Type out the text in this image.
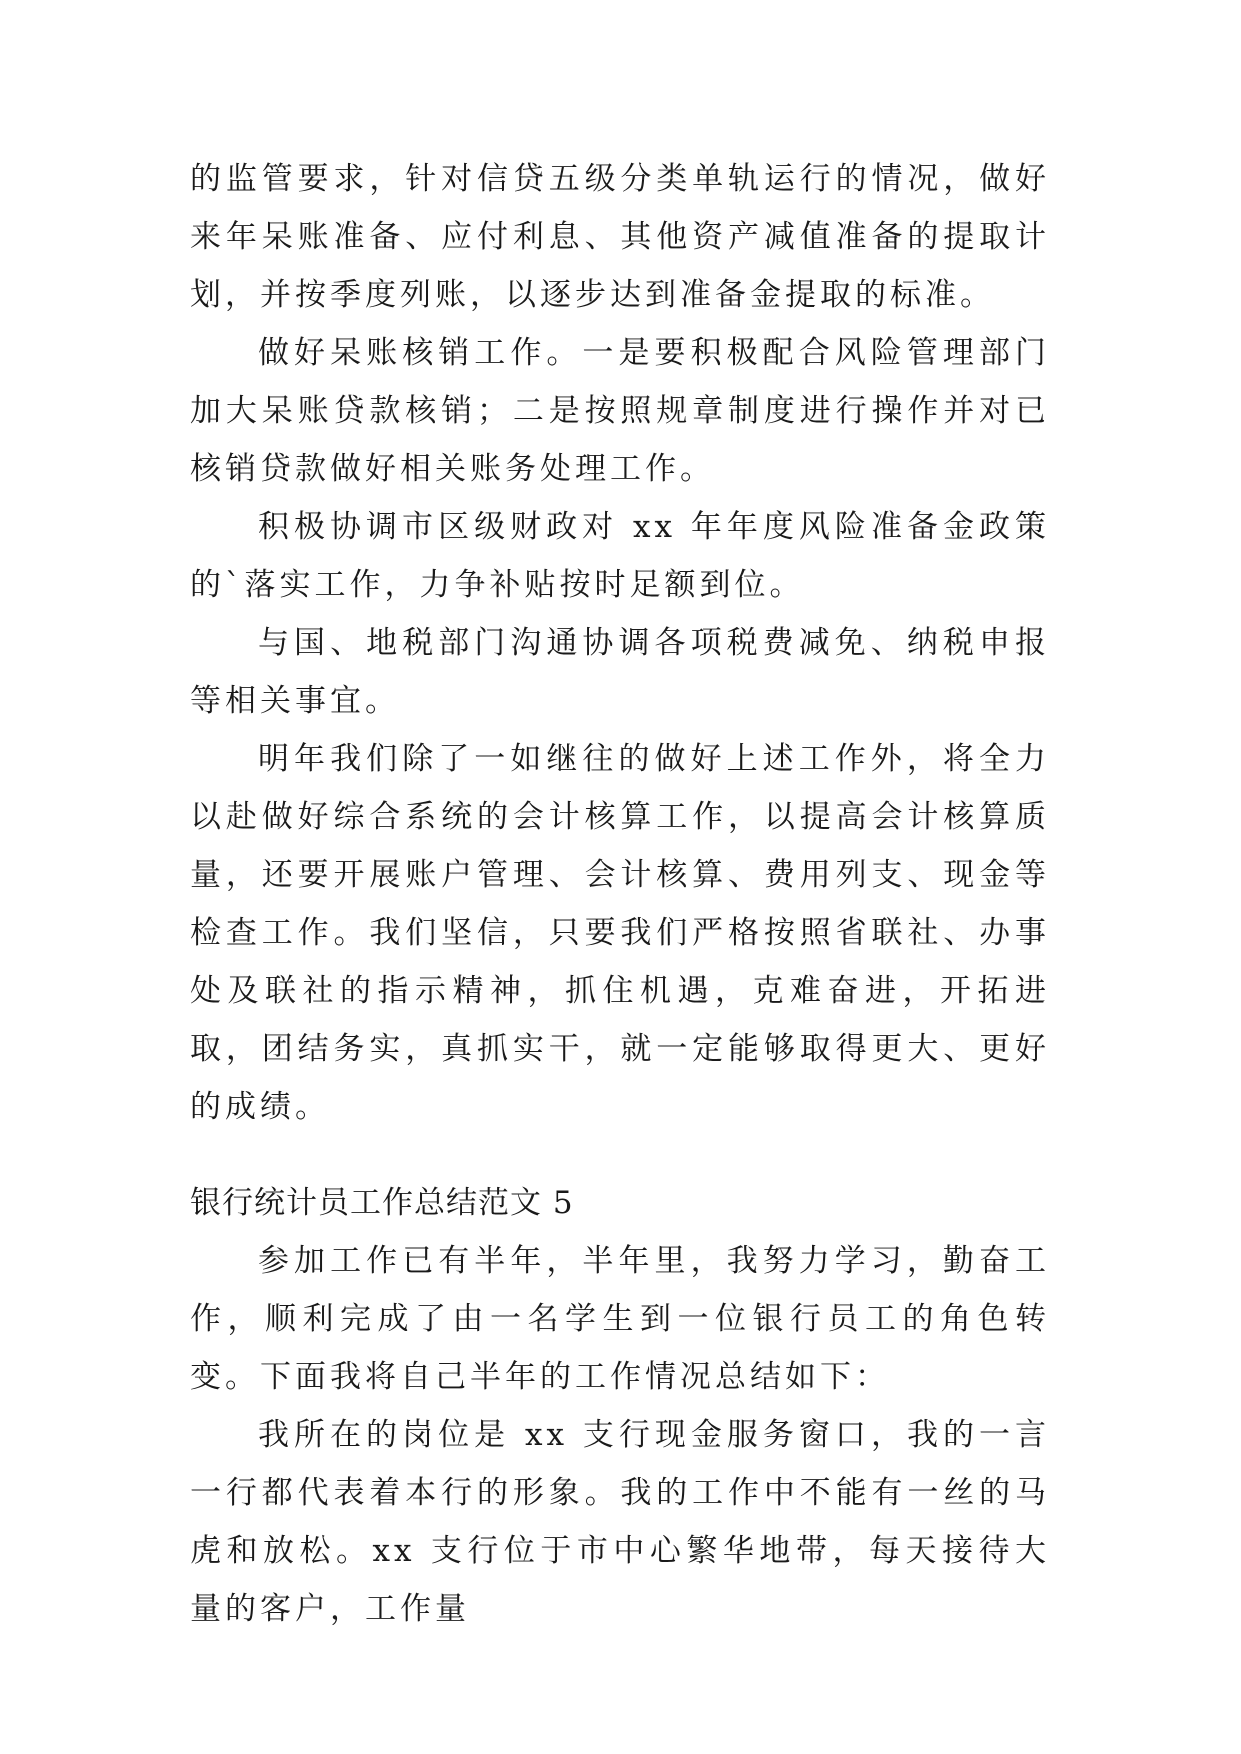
的监管要求，针对信贷五级分类单轨运行的情况，做好来年呆账准备、应付利息、其他资产减值准备的提取计划，并按季度列账，以逐步达到准备金提取的标准。

做好呆账核销工作。一是要积极配合风险管理部门加大呆账贷款核销；二是按照规章制度进行操作并对已核销贷款做好相关账务处理工作。

积极协调市区级财政对 xx 年年度风险准备金政策的`落实工作，力争补贴按时足额到位。

与国、地税部门沟通协调各项税费减免、纳税申报等相关事宜。

明年我们除了一如继往的做好上述工作外，将全力以赴做好综合系统的会计核算工作，以提高会计核算质量，还要开展账户管理、会计核算、费用列支、现金等检查工作。我们坚信，只要我们严格按照省联社、办事处及联社的指示精神，抓住机遇，克难奋进，开拓进取，团结务实，真抓实干，就一定能够取得更大、更好的成绩。

银行统计员工作总结范文 5

参加工作已有半年，半年里，我努力学习，勤奋工作，顺利完成了由一名学生到一位银行员工的角色转变。下面我将自己半年的工作情况总结如下：

我所在的岗位是 xx 支行现金服务窗口，我的一言一行都代表着本行的形象。我的工作中不能有一丝的马虎和放松。xx 支行位于市中心繁华地带，每天接待大量的客户，工作量
